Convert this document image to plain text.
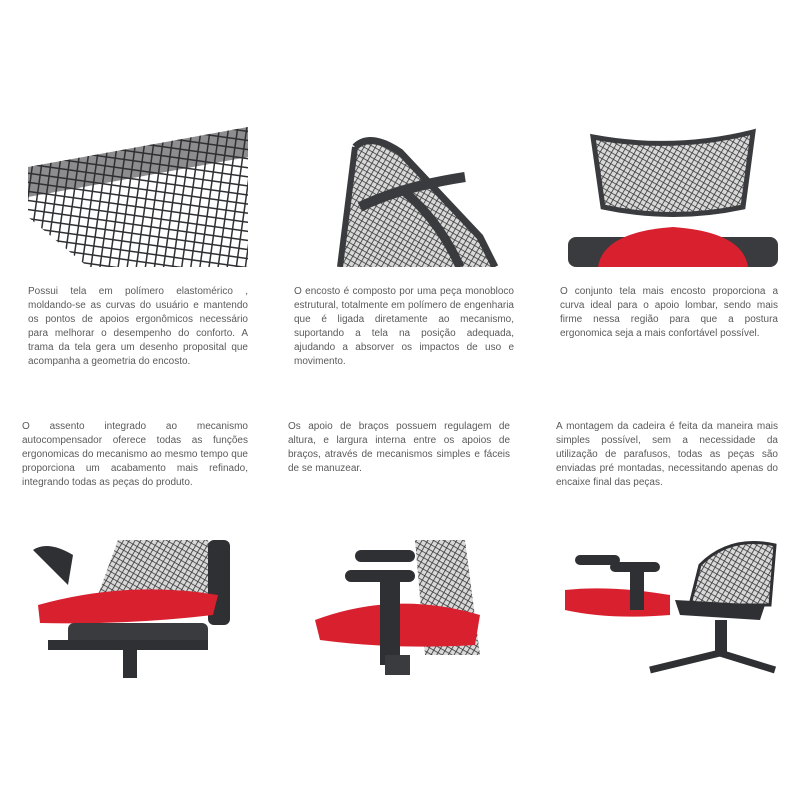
Possui tela em polímero elastomérico , moldando-se as curvas do usuário e mantendo os pontos de apoios ergonômicos necessário para melhorar o desempenho do conforto. A trama da tela gera um desenho proposital que acompanha a geometria do encosto.

O encosto é composto por uma peça monobloco estrutural, totalmente em polímero de engenharia que é ligada diretamente ao mecanismo, suportando a tela na posição adequada, ajudando a absorver os impactos de uso e movimento.

O conjunto tela mais encosto proporciona a curva ideal para o apoio lombar, sendo mais firme nessa região para que a postura ergonomica seja a mais confortável possível.

O assento integrado ao mecanismo autocompensador oferece todas as funções ergonomicas do mecanismo ao mesmo tempo que proporciona um acabamento mais refinado, integrando todas as peças do produto.

Os apoio de braços possuem regulagem de altura, e largura interna entre os apoios de braços, através de mecanismos simples e fáceis de se manuzear.

A montagem da cadeira é feita da maneira mais simples possível, sem a necessidade da utilização de parafusos, todas as peças são enviadas pré montadas, necessitando apenas do encaixe final das peças.
